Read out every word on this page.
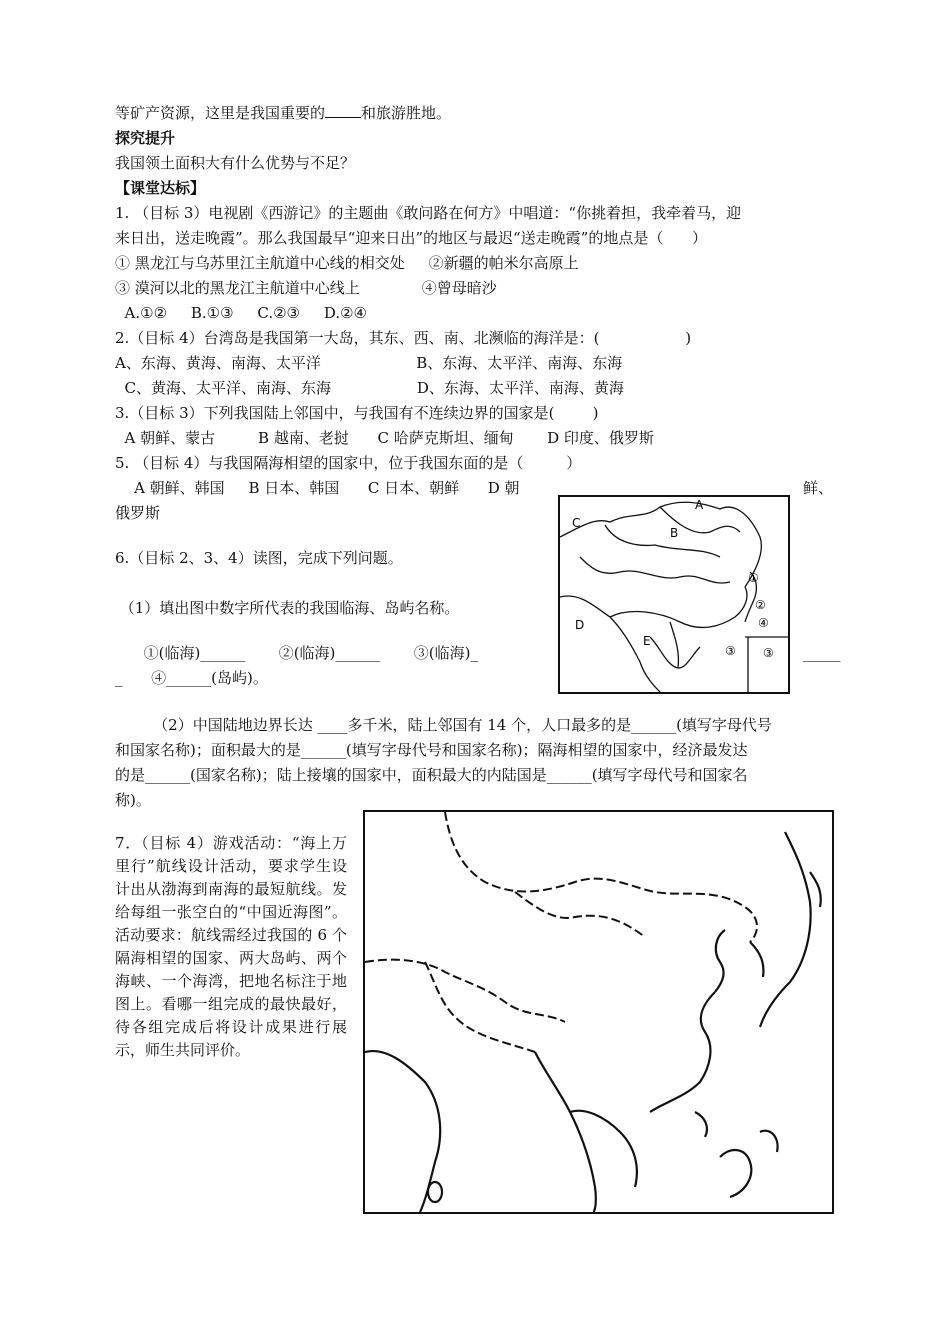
等矿产资源，这里是我国重要的 和旅游胜地。
探究提升
我国领土面积大有什么优势与不足？
【课堂达标】
1. （目标 3）电视剧《西游记》的主题曲《敢问路在何方》中唱道：“你挑着担，我牵着马，迎
来日出，送走晚霞”。那么我国最早“迎来日出”的地区与最迟“送走晚霞”的地点是（      ）
① 黑龙江与乌苏里江主航道中心线的相交处     ②新疆的帕米尔高原上
③ 漠河以北的黑龙江主航道中心线上             ④曾母暗沙
A.①②     B.①③     C.②③     D.②④
2.（目标 4）台湾岛是我国第一大岛，其东、西、南、北濒临的海洋是：(                  )
A、东海、黄海、南海、太平洋                    B、东海、太平洋、南海、东海
C、黄海、太平洋、南海、东海                  D、东海、太平洋、南海、黄海
3.（目标 3）下列我国陆上邻国中，与我国有不连续边界的国家是(        )
A 朝鲜、蒙古         B 越南、老挝      C 哈萨克斯坦、缅甸       D 印度、俄罗斯
5. （目标 4）与我国隔海相望的国家中，位于我国东面的是（         ）
A 朝鲜、韩国     B 日本、韩国      C 日本、朝鲜      D 朝	鲜、
俄罗斯
6.（目标 2、3、4）读图，完成下列问题。
（1）填出图中数字所代表的我国临海、岛屿名称。
①(临海)______       ②(临海)______       ③(临海)_	_____
_      ④______(岛屿)。
（2）中国陆地边界长达 ____多千米，陆上邻国有 14 个，人口最多的是______(填写字母代号
和国家名称)；面积最大的是______(填写字母代号和国家名称)；隔海相望的国家中，经济最发达
的是______(国家名称)；陆上接壤的国家中，面积最大的内陆国是______(填写字母代号和国家名
称)。
7．（目标 4）游戏活动：“海上万里行”航线设计活动，要求学生设计出从渤海到南海的最短航线。发给每组一张空白的“中国近海图”。活动要求：航线需经过我国的 6 个隔海相望的国家、两大岛屿、两个海峡、一个海湾，把地名标注于地图上。看哪一组完成的最快最好，待各组完成后将设计成果进行展示，师生共同评价。
A
B
C
D
E
①
②
③
④
③
